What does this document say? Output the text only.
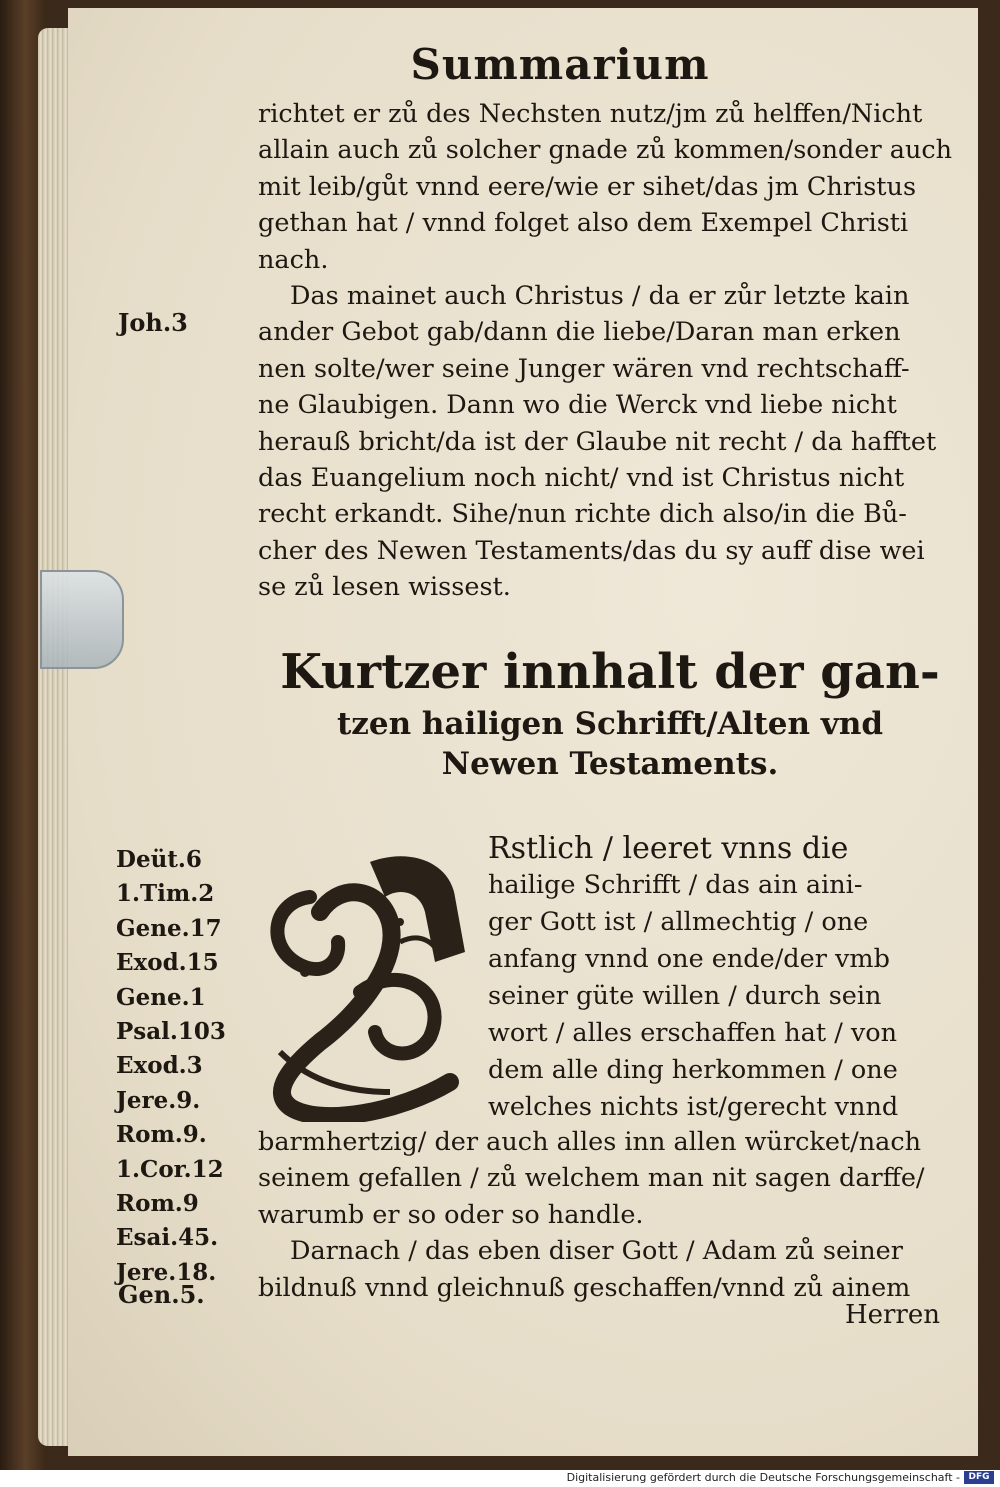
Summarium
richtet er zů des Nechsten nutz/jm zů helffen/Nicht
allain auch zů solcher gnade zů kommen/sonder auch
mit leib/gůt vnnd eere/wie er sihet/das jm Christus
gethan hat / vnnd folget also dem Exempel Christi
nach.
Das mainet auch Christus / da er zůr letzte kain
ander Gebot gab/dann die liebe/Daran man erken
nen solte/wer seine Junger wären vnd rechtschaff-
ne Glaubigen. Dann wo die Werck vnd liebe nicht
herauß bricht/da ist der Glaube nit recht / da hafftet
das Euangelium noch nicht/ vnd ist Christus nicht
recht erkandt. Sihe/nun richte dich also/in die Bů-
cher des Newen Testaments/das du sy auff dise wei
se zů lesen wissest.
Joh.3
Kurtzer innhalt der gan-
tzen hailigen Schrifft/Alten vnd
Newen Testaments.
Deüt.6
1.Tim.2
Gene.17
Exod.15
Gene.1
Psal.103
Exod.3
Jere.9.
Rom.9.
1.Cor.12
Rom.9
Esai.45.
Jere.18.
Gen.5.
Rstlich / leeret vnns die
hailige Schrifft / das ain aini-
ger Gott ist / allmechtig / one
anfang vnnd one ende/der vmb
seiner güte willen / durch sein
wort / alles erschaffen hat / von
dem alle ding herkommen / one
welches nichts ist/gerecht vnnd
barmhertzig/ der auch alles inn allen würcket/nach
seinem gefallen / zů welchem man nit sagen darffe/
warumb er so oder so handle.
Darnach / das eben diser Gott / Adam zů seiner
bildnuß vnnd gleichnuß geschaffen/vnnd zů ainem
Herren
Digitalisierung gefördert durch die Deutsche Forschungsgemeinschaft - DFG
